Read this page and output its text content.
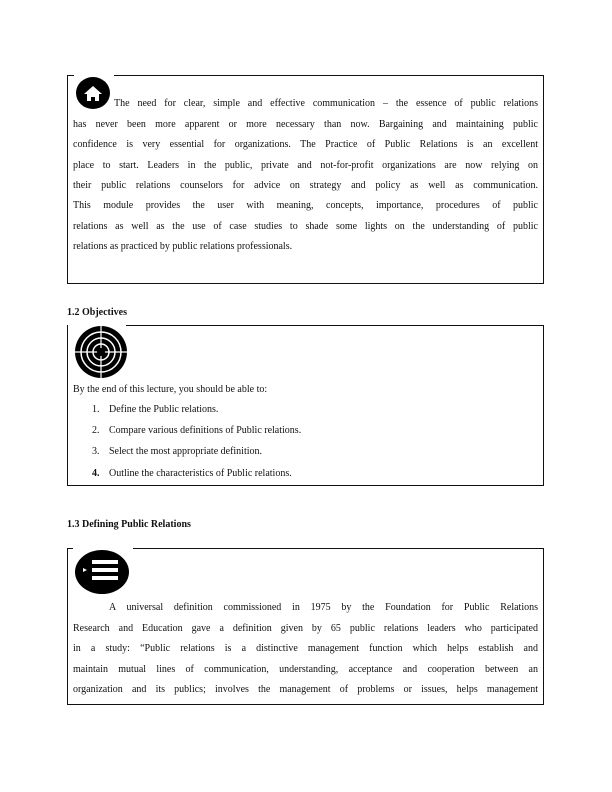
The need for clear, simple and effective communication – the essence of public relations
has never been more apparent or more necessary than now. Bargaining and maintaining public
confidence is very essential for organizations. The Practice of Public Relations is an excellent
place to start. Leaders in the public, private and not-for-profit organizations are now relying on
their public relations counselors for advice on strategy and policy as well as communication.
This module provides the user with meaning, concepts, importance, procedures of public
relations as well as the use of case studies to shade some lights on the understanding of public
relations as practiced by public relations professionals.
1.2 Objectives
By the end of this lecture, you should be able to:
1. Define the Public relations.
2. Compare various definitions of Public relations.
3. Select the most appropriate definition.
4. Outline the characteristics of Public relations.
1.3 Defining Public Relations
A universal definition commissioned in 1975 by the Foundation for Public Relations
Research and Education gave a definition given by 65 public relations leaders who participated
in a study: “Public relations is a distinctive management function which helps establish and
maintain mutual lines of communication, understanding, acceptance and cooperation between an
organization and its publics; involves the management of problems or issues, helps management
